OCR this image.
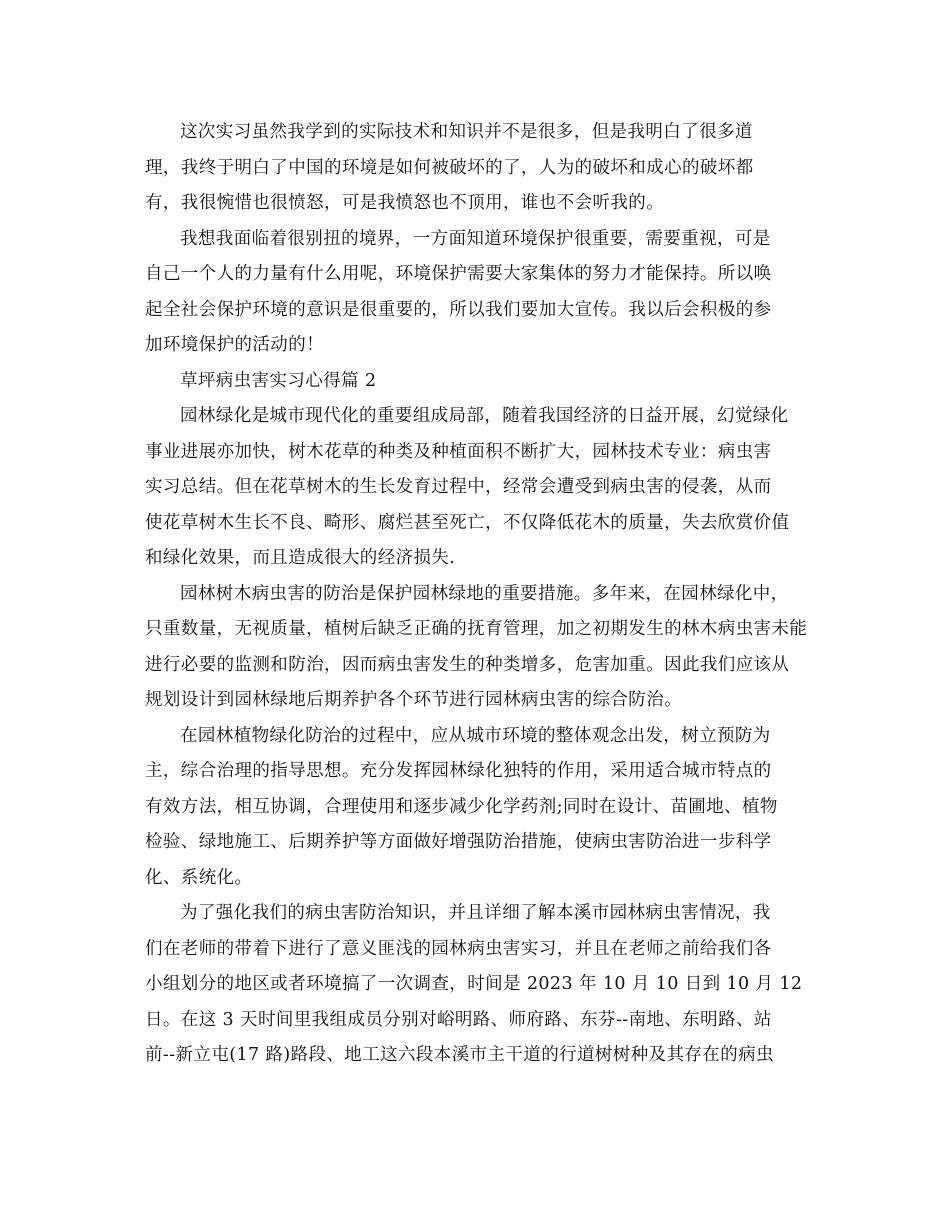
这次实习虽然我学到的实际技术和知识并不是很多，但是我明白了很多道
理，我终于明白了中国的环境是如何被破坏的了，人为的破坏和成心的破坏都
有，我很惋惜也很愤怒，可是我愤怒也不顶用，谁也不会听我的。
我想我面临着很别扭的境界，一方面知道环境保护很重要，需要重视，可是
自己一个人的力量有什么用呢，环境保护需要大家集体的努力才能保持。所以唤
起全社会保护环境的意识是很重要的，所以我们要加大宣传。我以后会积极的参
加环境保护的活动的！
草坪病虫害实习心得篇 2
园林绿化是城市现代化的重要组成局部，随着我国经济的日益开展，幻觉绿化
事业进展亦加快，树木花草的种类及种植面积不断扩大，园林技术专业：病虫害
实习总结。但在花草树木的生长发育过程中，经常会遭受到病虫害的侵袭，从而
使花草树木生长不良、畸形、腐烂甚至死亡，不仅降低花木的质量，失去欣赏价值
和绿化效果，而且造成很大的经济损失.
园林树木病虫害的防治是保护园林绿地的重要措施。多年来，在园林绿化中，
只重数量，无视质量，植树后缺乏正确的抚育管理，加之初期发生的林木病虫害未能
进行必要的监测和防治，因而病虫害发生的种类增多，危害加重。因此我们应该从
规划设计到园林绿地后期养护各个环节进行园林病虫害的综合防治。
在园林植物绿化防治的过程中，应从城市环境的整体观念出发，树立预防为
主，综合治理的指导思想。充分发挥园林绿化独特的作用，采用适合城市特点的
有效方法，相互协调，合理使用和逐步减少化学药剂;同时在设计、苗圃地、植物
检验、绿地施工、后期养护等方面做好增强防治措施，使病虫害防治进一步科学
化、系统化。
为了强化我们的病虫害防治知识，并且详细了解本溪市园林病虫害情况，我
们在老师的带着下进行了意义匪浅的园林病虫害实习，并且在老师之前给我们各
小组划分的地区或者环境搞了一次调查，时间是 2023 年 10 月 10 日到 10 月 12
日。在这 3 天时间里我组成员分别对峪明路、师府路、东芬--南地、东明路、站
前--新立屯(17 路)路段、地工这六段本溪市主干道的行道树树种及其存在的病虫
